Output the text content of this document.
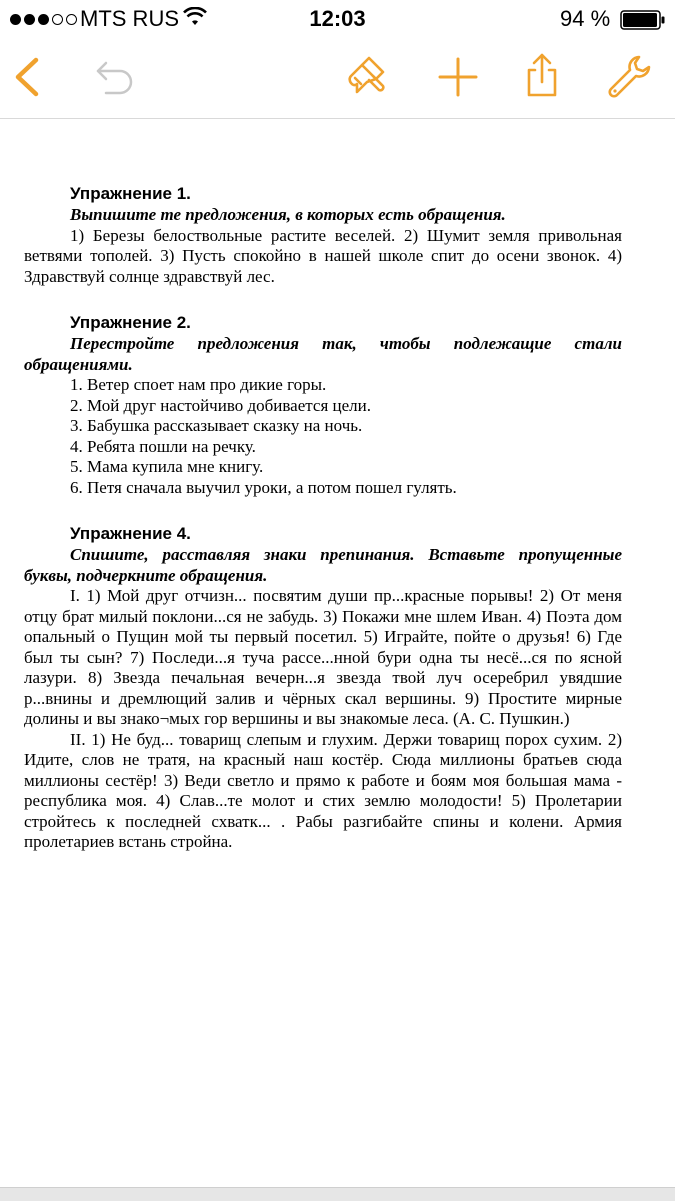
MTS RUS	12:03	94 %
Упражнение 1.
Выпишите те предложения, в которых есть обращения.
1) Березы белоствольные растите веселей. 2) Шумит земля привольная ветвями тополей. 3) Пусть спокойно в нашей школе спит до осени звонок. 4) Здравствуй солнце здравствуй лес.
Упражнение 2.
Перестройте предложения так, чтобы подлежащие стали обращениями.
1. Ветер споет нам про дикие горы.
2. Мой друг настойчиво добивается цели.
3. Бабушка рассказывает сказку на ночь.
4. Ребята пошли на речку.
5. Мама купила мне книгу.
6. Петя сначала выучил уроки, а потом пошел гулять.
Упражнение 4.
Спишите, расставляя знаки препинания. Вставьте пропущенные буквы, подчеркните обращения.
I. 1) Мой друг отчизн... посвятим души пр...красные порывы! 2) От меня отцу брат милый поклони...ся не забудь. 3) Покажи мне шлем Иван. 4) Поэта дом опальный о Пущин мой ты первый посетил. 5) Играйте, пойте о друзья! 6) Где был ты сын? 7) Последи...я туча рассе...нной бури одна ты несё...ся по ясной лазури. 8) Звезда печальная вечерн...я звезда твой луч осеребрил увядшие р...внины и дремлющий залив и чёрных скал вершины. 9) Простите мирные долины и вы знако¬мых гор вершины и вы знакомые леса. (А. С. Пушкин.)
II. 1) Не буд... товарищ слепым и глухим. Держи товарищ порох сухим. 2) Идите, слов не тратя, на красный наш костёр. Сюда миллионы братьев сюда миллионы сестёр! 3) Веди светло и прямо к работе и боям моя большая мама - республика моя. 4) Слав...те молот и стих землю молодости! 5) Пролетарии стройтесь к последней схватк... . Рабы разгибайте спины и колени. Армия пролетариев встань стройна.
